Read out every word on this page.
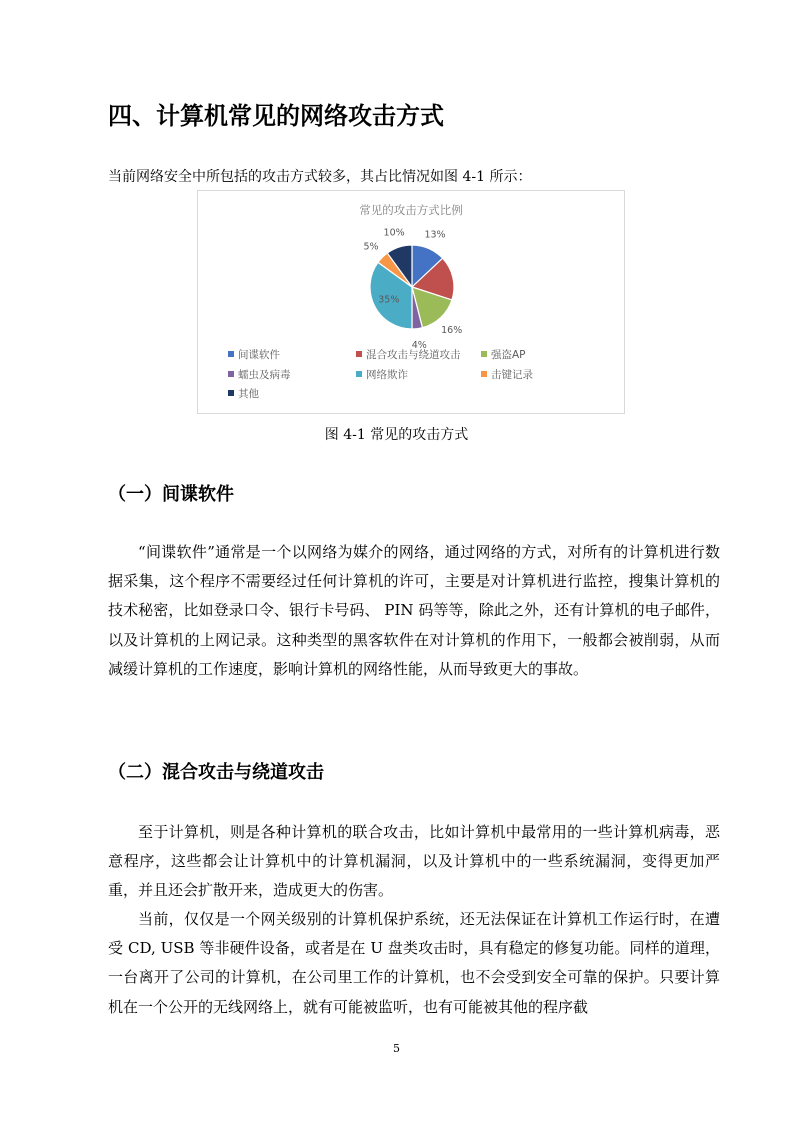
四、计算机常见的网络攻击方式
当前网络安全中所包括的攻击方式较多，其占比情况如图 4-1 所示：
常见的攻击方式比例
13%
16%
4%
35%
5%
10%
间谍软件	混合攻击与绕道攻击	强盗AP
蠕虫及病毒	网络欺诈	击键记录
其他
图 4-1 常见的攻击方式
（一）间谍软件

“间谍软件”通常是一个以网络为媒介的网络，通过网络的方式，对所有的计算机进行数据采集，这个程序不需要经过任何计算机的许可，主要是对计算机进行监控，搜集计算机的技术秘密，比如登录口令、银行卡号码、 PIN 码等等，除此之外，还有计算机的电子邮件，以及计算机的上网记录。这种类型的黑客软件在对计算机的作用下，一般都会被削弱，从而减缓计算机的工作速度，影响计算机的网络性能，从而导致更大的事故。

（二）混合攻击与绕道攻击

至于计算机，则是各种计算机的联合攻击，比如计算机中最常用的一些计算机病毒，恶意程序，这些都会让计算机中的计算机漏洞，以及计算机中的一些系统漏洞，变得更加严重，并且还会扩散开来，造成更大的伤害。

当前，仅仅是一个网关级别的计算机保护系统，还无法保证在计算机工作运行时，在遭受 CD, USB 等非硬件设备，或者是在 U 盘类攻击时，具有稳定的修复功能。同样的道理，一台离开了公司的计算机，在公司里工作的计算机，也不会受到安全可靠的保护。只要计算机在一个公开的无线网络上，就有可能被监听，也有可能被其他的程序截

5
